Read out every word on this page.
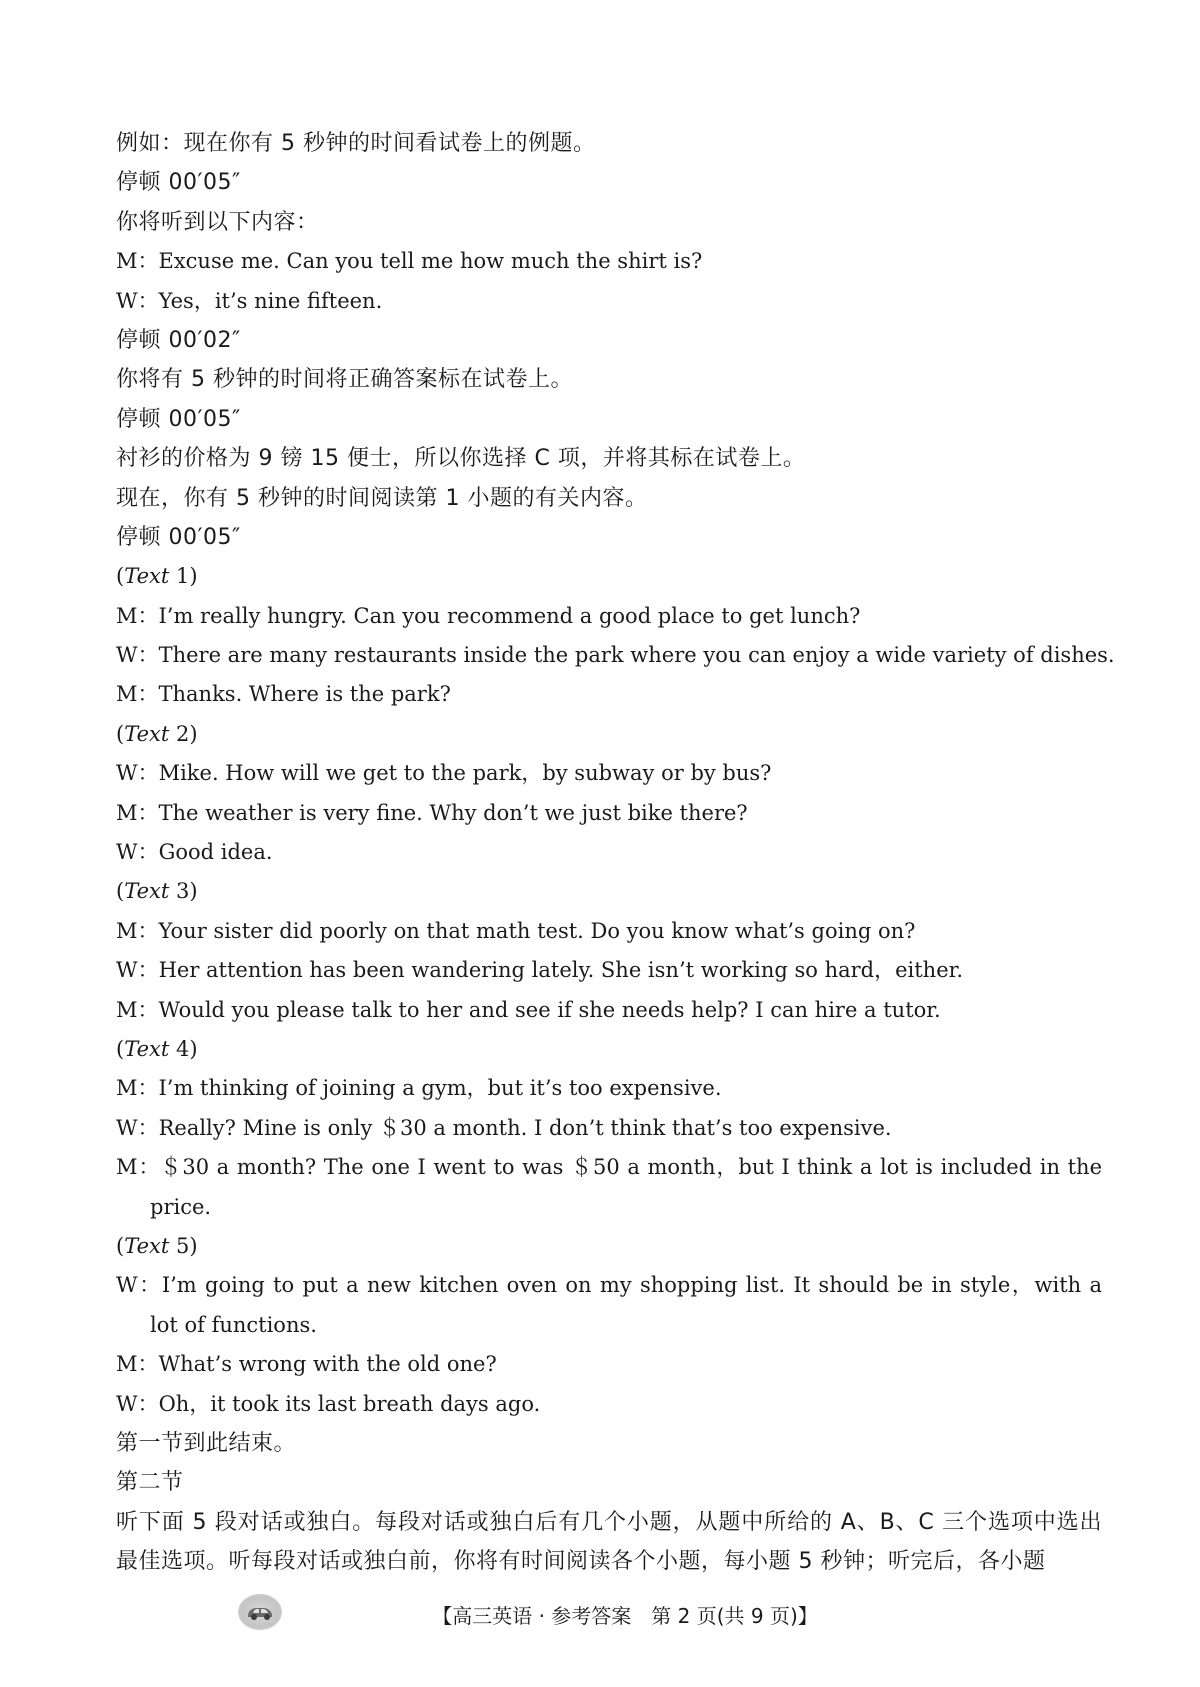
例如：现在你有 5 秒钟的时间看试卷上的例题。
停顿 00′05″
你将听到以下内容：
M：Excuse me. Can you tell me how much the shirt is?
W：Yes，it’s nine fifteen.
停顿 00′02″
你将有 5 秒钟的时间将正确答案标在试卷上。
停顿 00′05″
衬衫的价格为 9 镑 15 便士，所以你选择 C 项，并将其标在试卷上。
现在，你有 5 秒钟的时间阅读第 1 小题的有关内容。
停顿 00′05″
(Text 1)
M：I’m really hungry. Can you recommend a good place to get lunch?
W：There are many restaurants inside the park where you can enjoy a wide variety of dishes.
M：Thanks. Where is the park?
(Text 2)
W：Mike. How will we get to the park，by subway or by bus?
M：The weather is very fine. Why don’t we just bike there?
W：Good idea.
(Text 3)
M：Your sister did poorly on that math test. Do you know what’s going on?
W：Her attention has been wandering lately. She isn’t working so hard，either.
M：Would you please talk to her and see if she needs help? I can hire a tutor.
(Text 4)
M：I’m thinking of joining a gym，but it’s too expensive.
W：Really? Mine is only ＄30 a month. I don’t think that’s too expensive.
M：＄30 a month? The one I went to was ＄50 a month，but I think a lot is included in the price.
(Text 5)
W：I’m going to put a new kitchen oven on my shopping list. It should be in style，with a lot of functions.
M：What’s wrong with the old one?
W：Oh，it took its last breath days ago.
第一节到此结束。
第二节
听下面 5 段对话或独白。每段对话或独白后有几个小题，从题中所给的 A、B、C 三个选项中选出最佳选项。听每段对话或独白前，你将有时间阅读各个小题，每小题 5 秒钟；听完后，各小题
【高三英语 · 参考答案　第 2 页(共 9 页)】
